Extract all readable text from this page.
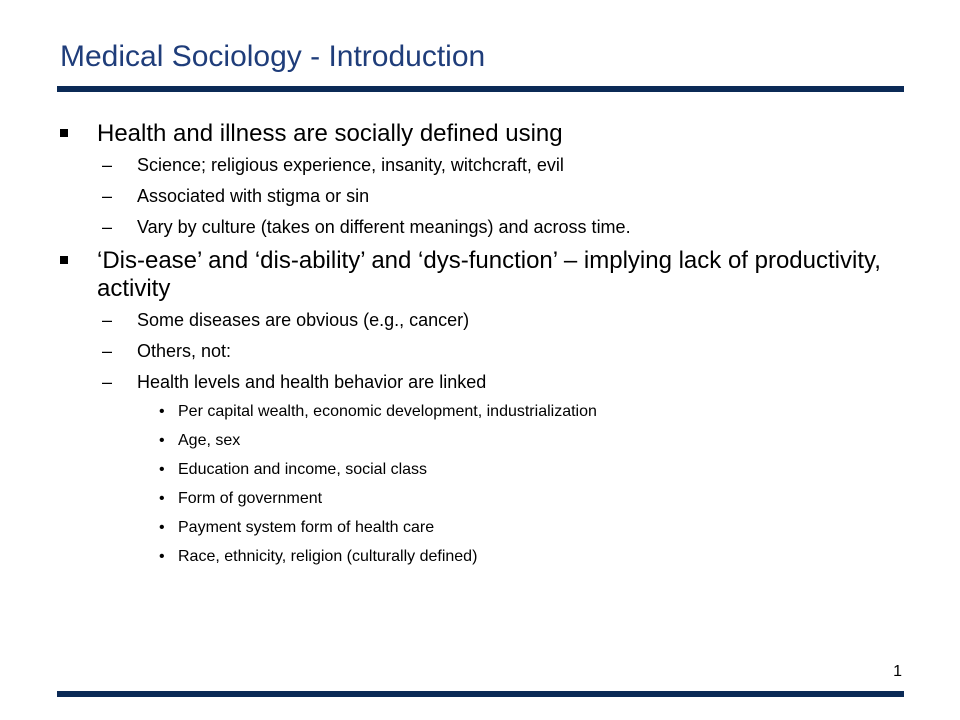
Medical Sociology - Introduction
Health and illness are socially defined using
– Science; religious experience, insanity, witchcraft, evil
– Associated with stigma or sin
– Vary by culture (takes on different meanings) and across time.
‘Dis-ease’ and ‘dis-ability’ and ‘dys-function’ – implying lack of productivity, activity
– Some diseases are obvious (e.g., cancer)
– Others, not:
– Health levels and health behavior are linked
• Per capital wealth, economic development, industrialization
• Age, sex
• Education and income, social class
• Form of government
• Payment system form of health care
• Race, ethnicity, religion (culturally defined)
1
